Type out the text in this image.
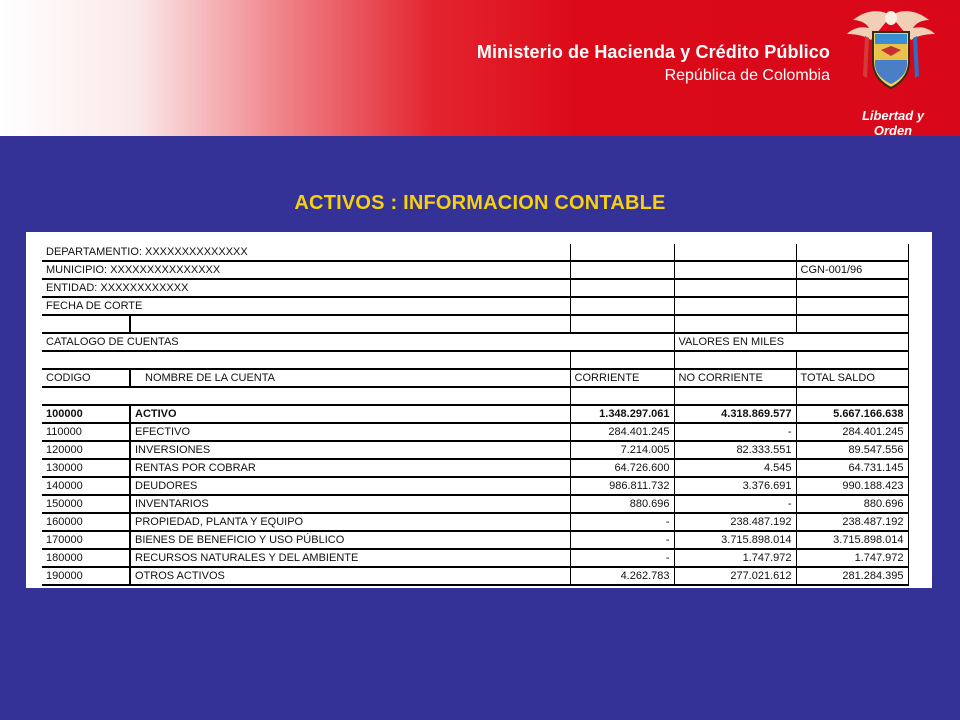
Ministerio de Hacienda y Crédito Público
República de Colombia
Libertad y Orden
ACTIVOS : INFORMACION CONTABLE
DEPARTAMENTIO: XXXXXXXXXXXXXX				
MUNICIPIO: XXXXXXXXXXXXXXX				CGN-001/96
ENTIDAD: XXXXXXXXXXXX				
FECHA DE CORTE				

CATALOGO DE CUENTAS			VALORES EN MILES	

CODIGO	NOMBRE DE LA CUENTA	CORRIENTE	NO CORRIENTE	TOTAL SALDO

100000	ACTIVO	1.348.297.061	4.318.869.577	5.667.166.638
110000	EFECTIVO	284.401.245	-	284.401.245
120000	INVERSIONES	7.214.005	82.333.551	89.547.556
130000	RENTAS POR COBRAR	64.726.600	4.545	64.731.145
140000	DEUDORES	986.811.732	3.376.691	990.188.423
150000	INVENTARIOS	880.696	-	880.696
160000	PROPIEDAD, PLANTA Y EQUIPO	-	238.487.192	238.487.192
170000	BIENES DE BENEFICIO Y USO PÚBLICO	-	3.715.898.014	3.715.898.014
180000	RECURSOS NATURALES Y DEL AMBIENTE	-	1.747.972	1.747.972
190000	OTROS ACTIVOS	4.262.783	277.021.612	281.284.395
